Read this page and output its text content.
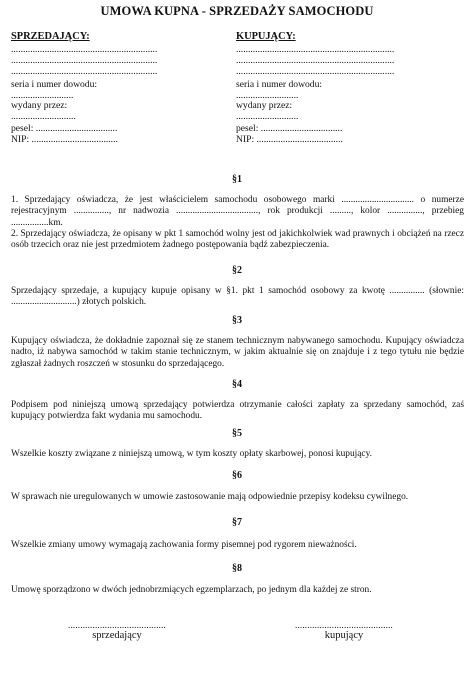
UMOWA KUPNA - SPRZEDAŻY SAMOCHODU
SPRZEDAJĄCY:
.............................................................
.............................................................
.............................................................
seria i numer dowodu:
..........................
wydany przez:
...........................
pesel: ..................................
NIP: ....................................
KUPUJĄCY:
..................................................................
..................................................................
..................................................................
seria i numer dowodu:
..........................
wydany przez:
..........................
pesel: ..................................
NIP: ....................................
§1

1. Sprzedający oświadcza, że jest właścicielem samochodu osobowego marki ............................... o numerze rejestracyjnym ..............., nr nadwozia ..................................., rok produkcji ........., kolor ..............., przebieg ................km.

2. Sprzedający oświadcza, że opisany w pkt 1 samochód wolny jest od jakichkolwiek wad prawnych i obciążeń na rzecz osób trzecich oraz nie jest przedmiotem żadnego postępowania bądź zabezpieczenia.

§2

Sprzedający sprzedaje, a kupujący kupuje opisany w §1. pkt 1 samochód osobowy za kwotę ............... (słownie: ............................) złotych polskich.

§3

Kupujący oświadcza, że dokładnie zapoznał się ze stanem technicznym nabywanego samochodu. Kupujący oświadcza nadto, iż nabywa samochód w takim stanie technicznym, w jakim aktualnie się on znajduje i z tego tytułu nie będzie zgłaszał żadnych roszczeń w stosunku do sprzedającego.

§4

Podpisem pod niniejszą umową sprzedający potwierdza otrzymanie całości zapłaty za sprzedany samochód, zaś kupujący potwierdza fakt wydania mu samochodu.

§5

Wszelkie koszty związane z niniejszą umową, w tym koszty opłaty skarbowej, ponosi kupujący.

§6

W sprawach nie uregulowanych w umowie zastosowanie mają odpowiednie przepisy kodeksu cywilnego.

§7

Wszelkie zmiany umowy wymagają zachowania formy pisemnej pod rygorem nieważności.

§8

Umowę sporządzono w dwóch jednobrzmiących egzemplarzach, po jednym dla każdej ze stron.

........................................
sprzedający
........................................
kupujący
